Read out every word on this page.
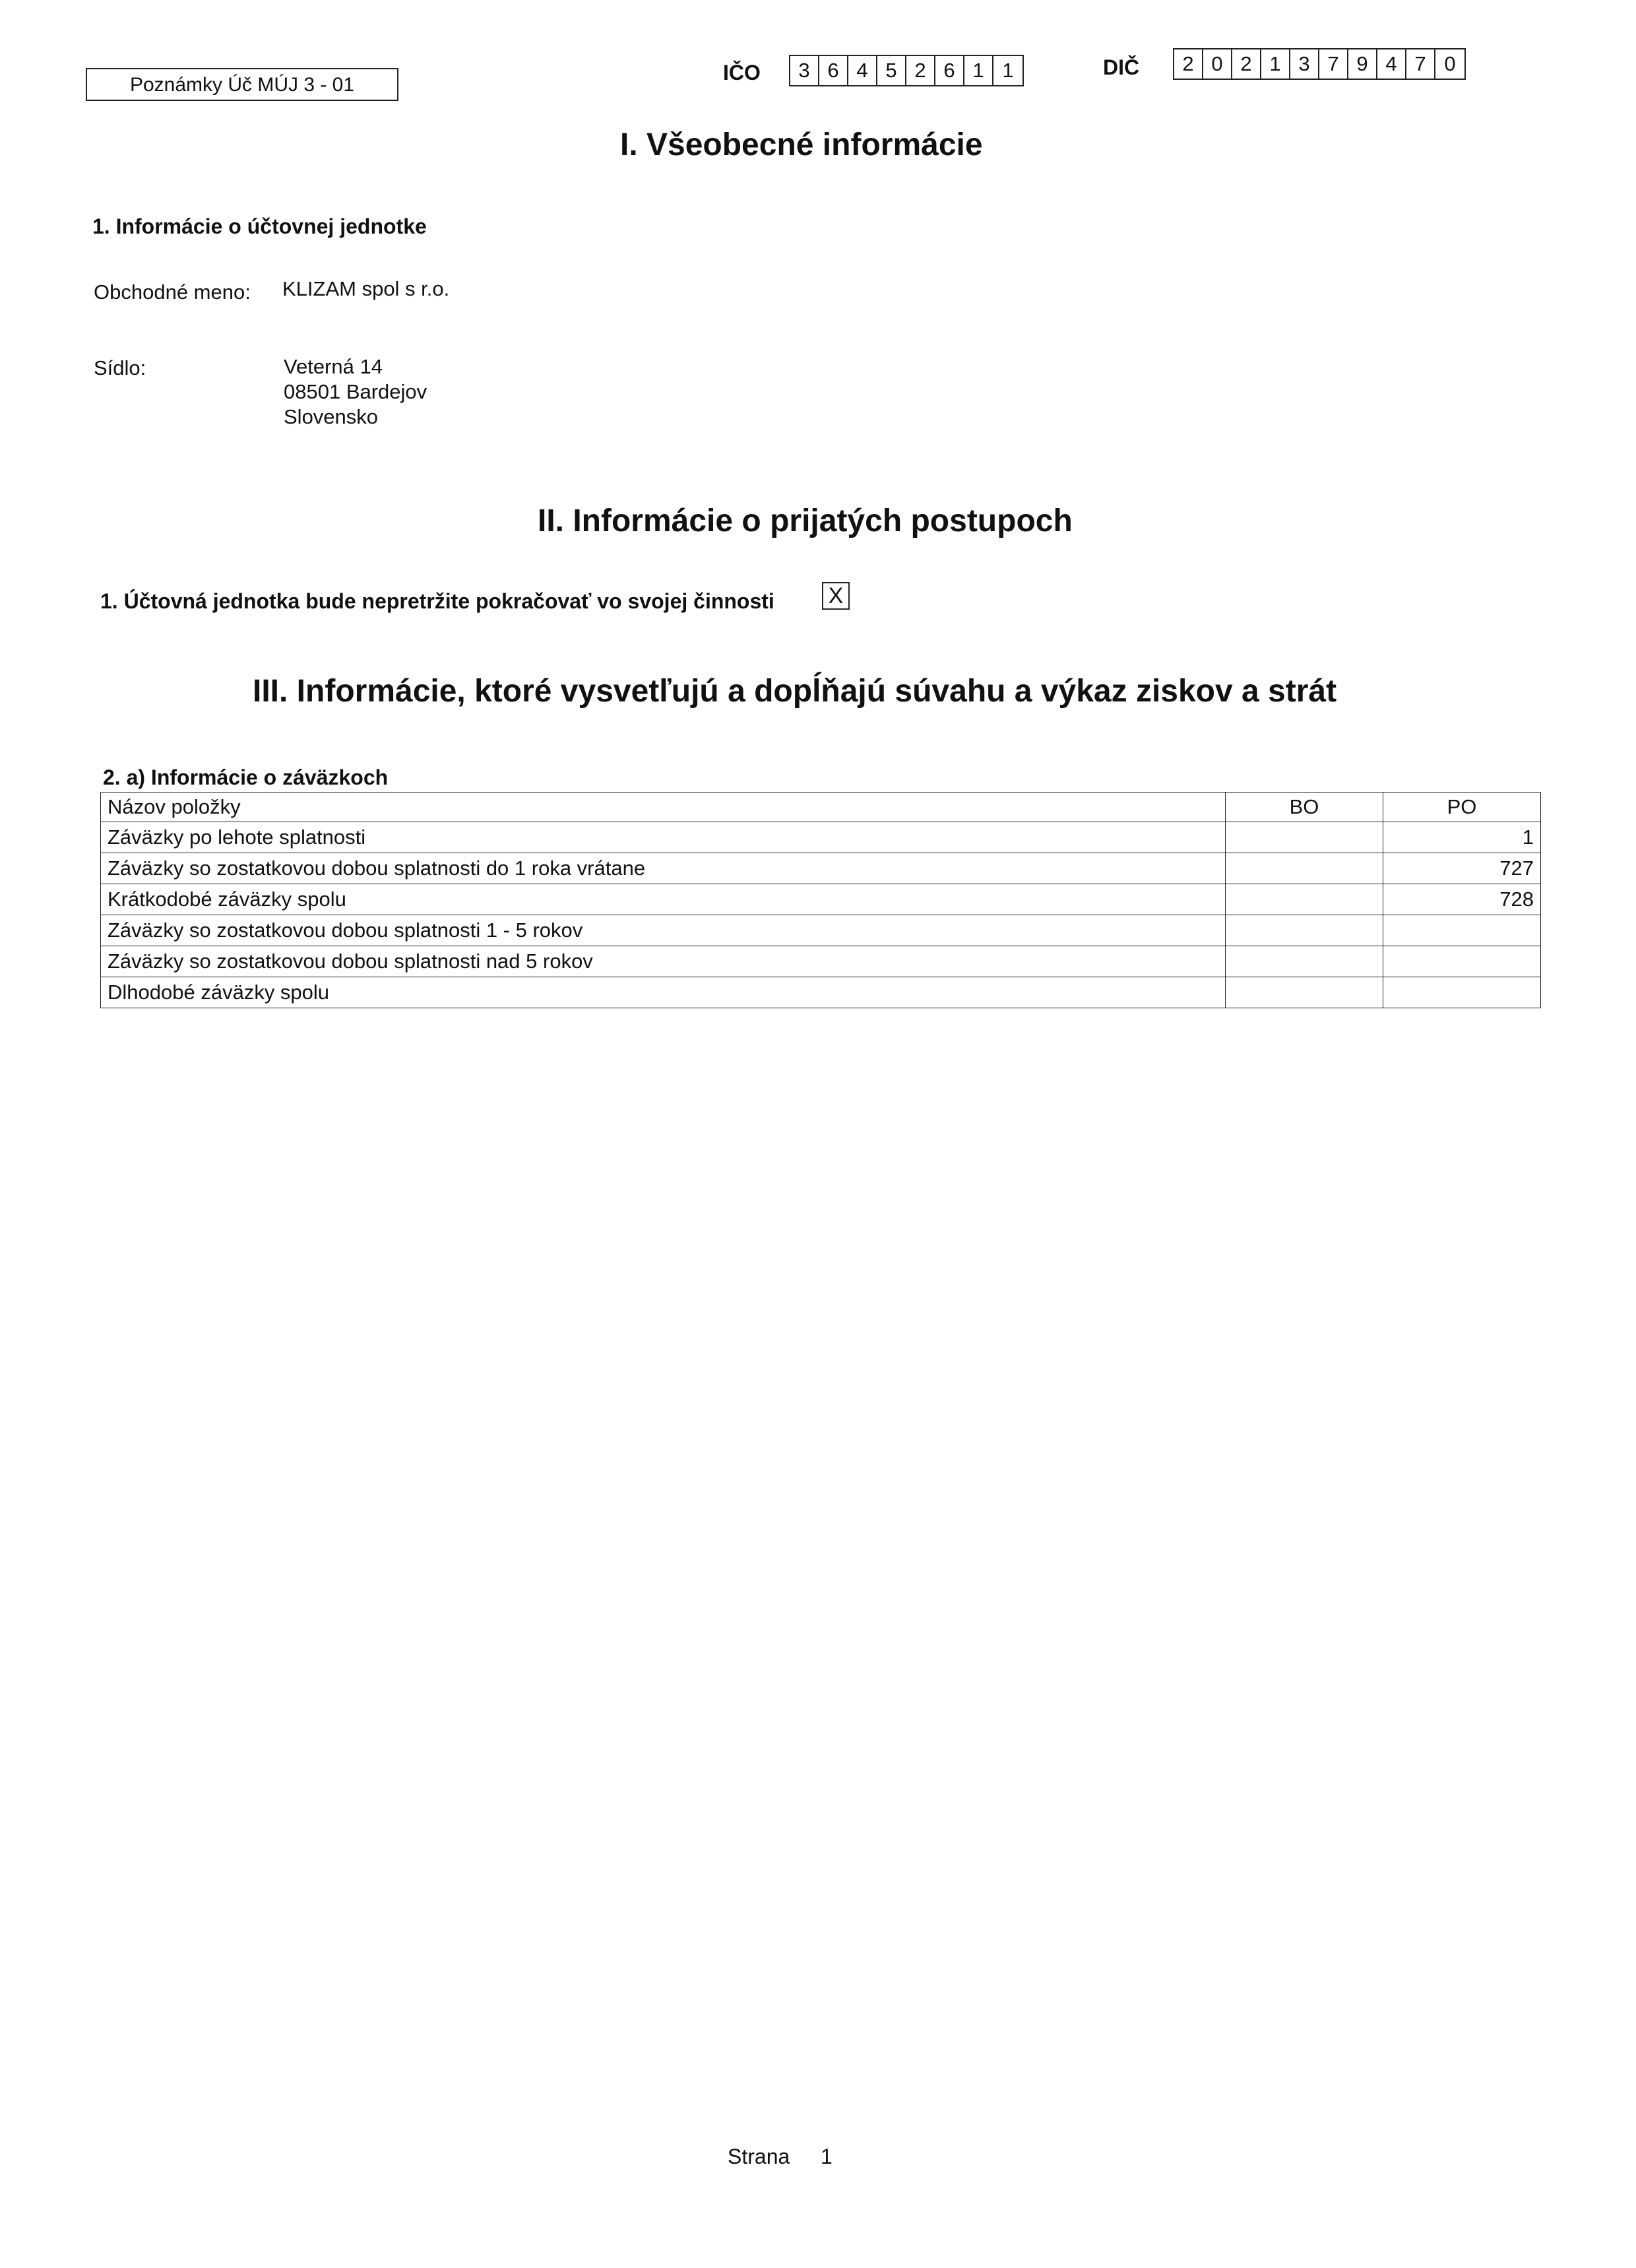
Poznámky Úč MÚJ 3 - 01
IČO	3 6 4 5 2 6 1 1	DIČ	2 0 2 1 3 7 9 4 7 0
I. Všeobecné informácie
1. Informácie o účtovnej jednotke
Obchodné meno: KLIZAM spol s r.o.
Sídlo:	Veterná 14
08501 Bardejov
Slovensko
II. Informácie o prijatých postupoch
1. Účtovná jednotka bude nepretržite pokračovať vo svojej činnosti X
III. Informácie, ktoré vysvetľujú a dopĺňajú súvahu a výkaz ziskov a strát
2. a) Informácie o záväzkoch
Názov položky	BO	PO
Záväzky po lehote splatnosti		1
Záväzky so zostatkovou dobou splatnosti do 1 roka vrátane		727
Krátkodobé záväzky spolu		728
Záväzky so zostatkovou dobou splatnosti 1 - 5 rokov		
Záväzky so zostatkovou dobou splatnosti nad 5 rokov		
Dlhodobé záväzky spolu		
Strana 1
